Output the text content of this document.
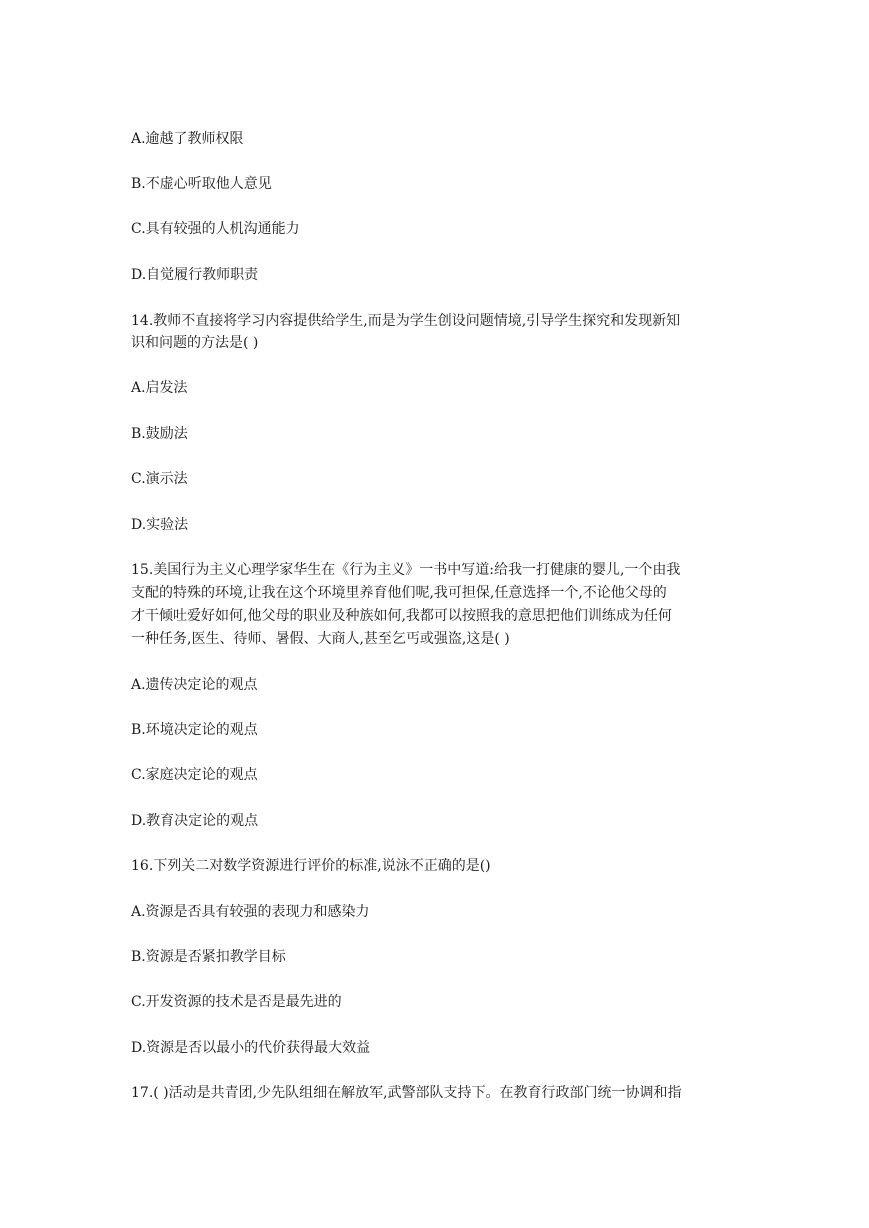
A.逾越了教师权限

B.不虚心听取他人意见

C.具有较强的人机沟通能力

D.自觉履行教师职责

14.教师不直接将学习内容提供给学生,而是为学生创设问题情境,引导学生探究和发现新知

识和问题的方法是( )

A.启发法

B.鼓励法

C.演示法

D.实验法

15.美国行为主义心理学家华生在《行为主义》一书中写道:给我一打健康的婴儿,一个由我

支配的特殊的环境,让我在这个环境里养育他们呢,我可担保,任意选择一个,不论他父母的

才干倾吐爱好如何,他父母的职业及种族如何,我都可以按照我的意思把他们训练成为任何

一种任务,医生、待师、暑假、大商人,甚至乞丐或强盗,这是( )

A.遗传决定论的观点

B.环境决定论的观点

C.家庭决定论的观点

D.教育决定论的观点

16.下列关二对数学资源进行评价的标准,说泳不正确的是()

A.资源是否具有较强的表现力和感染力

B.资源是否紧扣教学目标

C.开发资源的技术是否是最先进的

D.资源是否以最小的代价获得最大效益

17.( )活动是共青团,少先队组细在解放军,武警部队支持下。在教育行政部门统一协调和指
